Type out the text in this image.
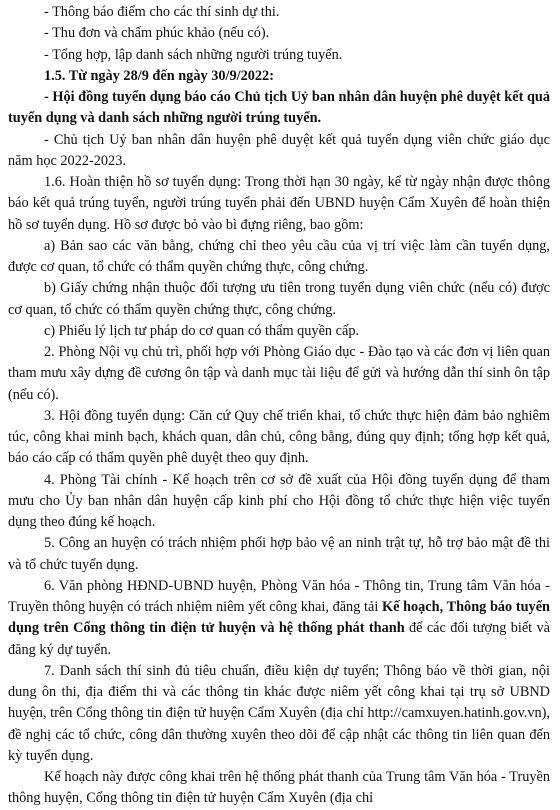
- Thông báo điểm cho các thí sinh dự thi.

- Thu đơn và chấm phúc khảo (nếu có).

- Tổng hợp, lập danh sách những người trúng tuyển.

1.5. Từ ngày 28/9 đến ngày 30/9/2022:

- Hội đồng tuyển dụng báo cáo Chủ tịch Uỷ ban nhân dân huyện phê duyệt kết quả tuyển dụng và danh sách những người trúng tuyển.

- Chủ tịch Uỷ ban nhân dân huyện phê duyệt kết quả tuyển dụng viên chức giáo dục năm học 2022-2023.

1.6. Hoàn thiện hồ sơ tuyển dụng: Trong thời hạn 30 ngày, kể từ ngày nhận được thông báo kết quả trúng tuyển, người trúng tuyển phải đến UBND huyện Cẩm Xuyên để hoàn thiện hồ sơ tuyển dụng. Hồ sơ được bỏ vào bì đựng riêng, bao gồm:

a) Bản sao các văn bằng, chứng chỉ theo yêu cầu của vị trí việc làm cần tuyển dụng, được cơ quan, tổ chức có thẩm quyền chứng thực, công chứng.

b) Giấy chứng nhận thuộc đối tượng ưu tiên trong tuyển dụng viên chức (nếu có) được cơ quan, tổ chức có thẩm quyền chứng thực, công chứng.

c) Phiếu lý lịch tư pháp do cơ quan có thẩm quyền cấp.

2. Phòng Nội vụ chủ trì, phối hợp với Phòng Giáo dục - Đào tạo và các đơn vị liên quan tham mưu xây dựng đề cương ôn tập và danh mục tài liệu để gửi và hướng dẫn thí sinh ôn tập (nếu có).

3. Hội đồng tuyển dụng: Căn cứ Quy chế triển khai, tổ chức thực hiện đảm bảo nghiêm túc, công khai minh bạch, khách quan, dân chủ, công bằng, đúng quy định; tổng hợp kết quả, báo cáo cấp có thẩm quyền phê duyệt theo quy định.

4. Phòng Tài chính - Kế hoạch trên cơ sở đề xuất của Hội đồng tuyển dụng để tham mưu cho Ủy ban nhân dân huyện cấp kinh phí cho Hội đồng tổ chức thực hiện việc tuyển dụng theo đúng kế hoạch.

5. Công an huyện có trách nhiệm phối hợp bảo vệ an ninh trật tự, hỗ trợ bảo mật đề thi và tổ chức tuyển dụng.

6. Văn phòng HĐND-UBND huyện, Phòng Văn hóa - Thông tin, Trung tâm Văn hóa - Truyền thông huyện có trách nhiệm niêm yết công khai, đăng tải Kế hoạch, Thông báo tuyển dụng trên Cổng thông tin điện tử huyện và hệ thống phát thanh để các đối tượng biết và đăng ký dự tuyển.

7. Danh sách thí sinh đủ tiêu chuẩn, điều kiện dự tuyển; Thông báo về thời gian, nội dung ôn thi, địa điểm thi và các thông tin khác được niêm yết công khai tại trụ sở UBND huyện, trên Cổng thông tin điện tử huyện Cẩm Xuyên (địa chỉ http://camxuyen.hatinh.gov.vn), đề nghị các tổ chức, công dân thường xuyên theo dõi để cập nhật các thông tin liên quan đến kỳ tuyển dụng.

Kế hoạch này được công khai trên hệ thống phát thanh của Trung tâm Văn hóa - Truyền thông huyện, Cổng thông tin điện tử huyện Cẩm Xuyên (địa chỉ
